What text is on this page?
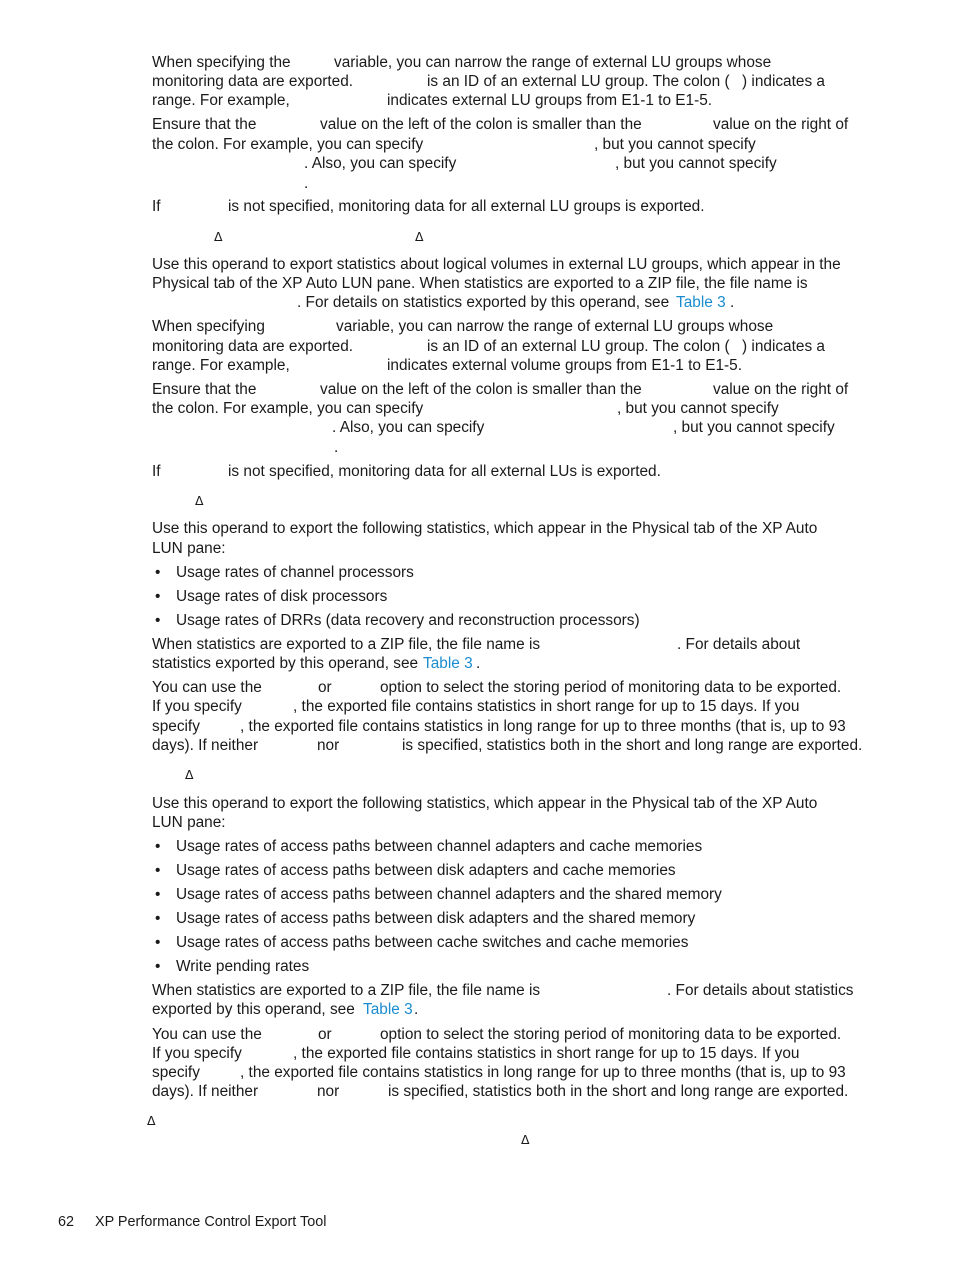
When specifying the	variable, you can narrow the range of external LU groups whose
monitoring data are exported.	is an ID of an external LU group. The colon ( ) indicates a
range. For example,	indicates external LU groups from E1-1 to E1-5.
Ensure that the	value on the left of the colon is smaller than the	value on the right of
the colon. For example, you can specify	, but you cannot specify
. Also, you can specify	, but you cannot specify
.
If	is not specified, monitoring data for all external LU groups is exported.
Δ	Δ
Use this operand to export statistics about logical volumes in external LU groups, which appear in the
Physical tab of the XP Auto LUN pane. When statistics are exported to a ZIP file, the file name is
. For details on statistics exported by this operand, see Table 3 .
When specifying	variable, you can narrow the range of external LU groups whose
monitoring data are exported.	is an ID of an external LU group. The colon ( ) indicates a
range. For example,	indicates external volume groups from E1-1 to E1-5.
Ensure that the	value on the left of the colon is smaller than the	value on the right of
the colon. For example, you can specify	, but you cannot specify
. Also, you can specify	, but you cannot specify
.
If	is not specified, monitoring data for all external LUs is exported.
Δ
Use this operand to export the following statistics, which appear in the Physical tab of the XP Auto
LUN pane:
• Usage rates of channel processors
• Usage rates of disk processors
• Usage rates of DRRs (data recovery and reconstruction processors)
When statistics are exported to a ZIP file, the file name is	. For details about
statistics exported by this operand, see Table 3 .
You can use the	or	option to select the storing period of monitoring data to be exported.
If you specify	, the exported file contains statistics in short range for up to 15 days. If you
specify	, the exported file contains statistics in long range for up to three months (that is, up to 93
days). If neither	nor	is specified, statistics both in the short and long range are exported.
Δ
Use this operand to export the following statistics, which appear in the Physical tab of the XP Auto
LUN pane:
• Usage rates of access paths between channel adapters and cache memories
• Usage rates of access paths between disk adapters and cache memories
• Usage rates of access paths between channel adapters and the shared memory
• Usage rates of access paths between disk adapters and the shared memory
• Usage rates of access paths between cache switches and cache memories
• Write pending rates
When statistics are exported to a ZIP file, the file name is	. For details about statistics
exported by this operand, see Table 3 .
You can use the	or	option to select the storing period of monitoring data to be exported.
If you specify	, the exported file contains statistics in short range for up to 15 days. If you
specify	, the exported file contains statistics in long range for up to three months (that is, up to 93
days). If neither	nor	is specified, statistics both in the short and long range are exported.
Δ
Δ
62 XP Performance Control Export Tool
